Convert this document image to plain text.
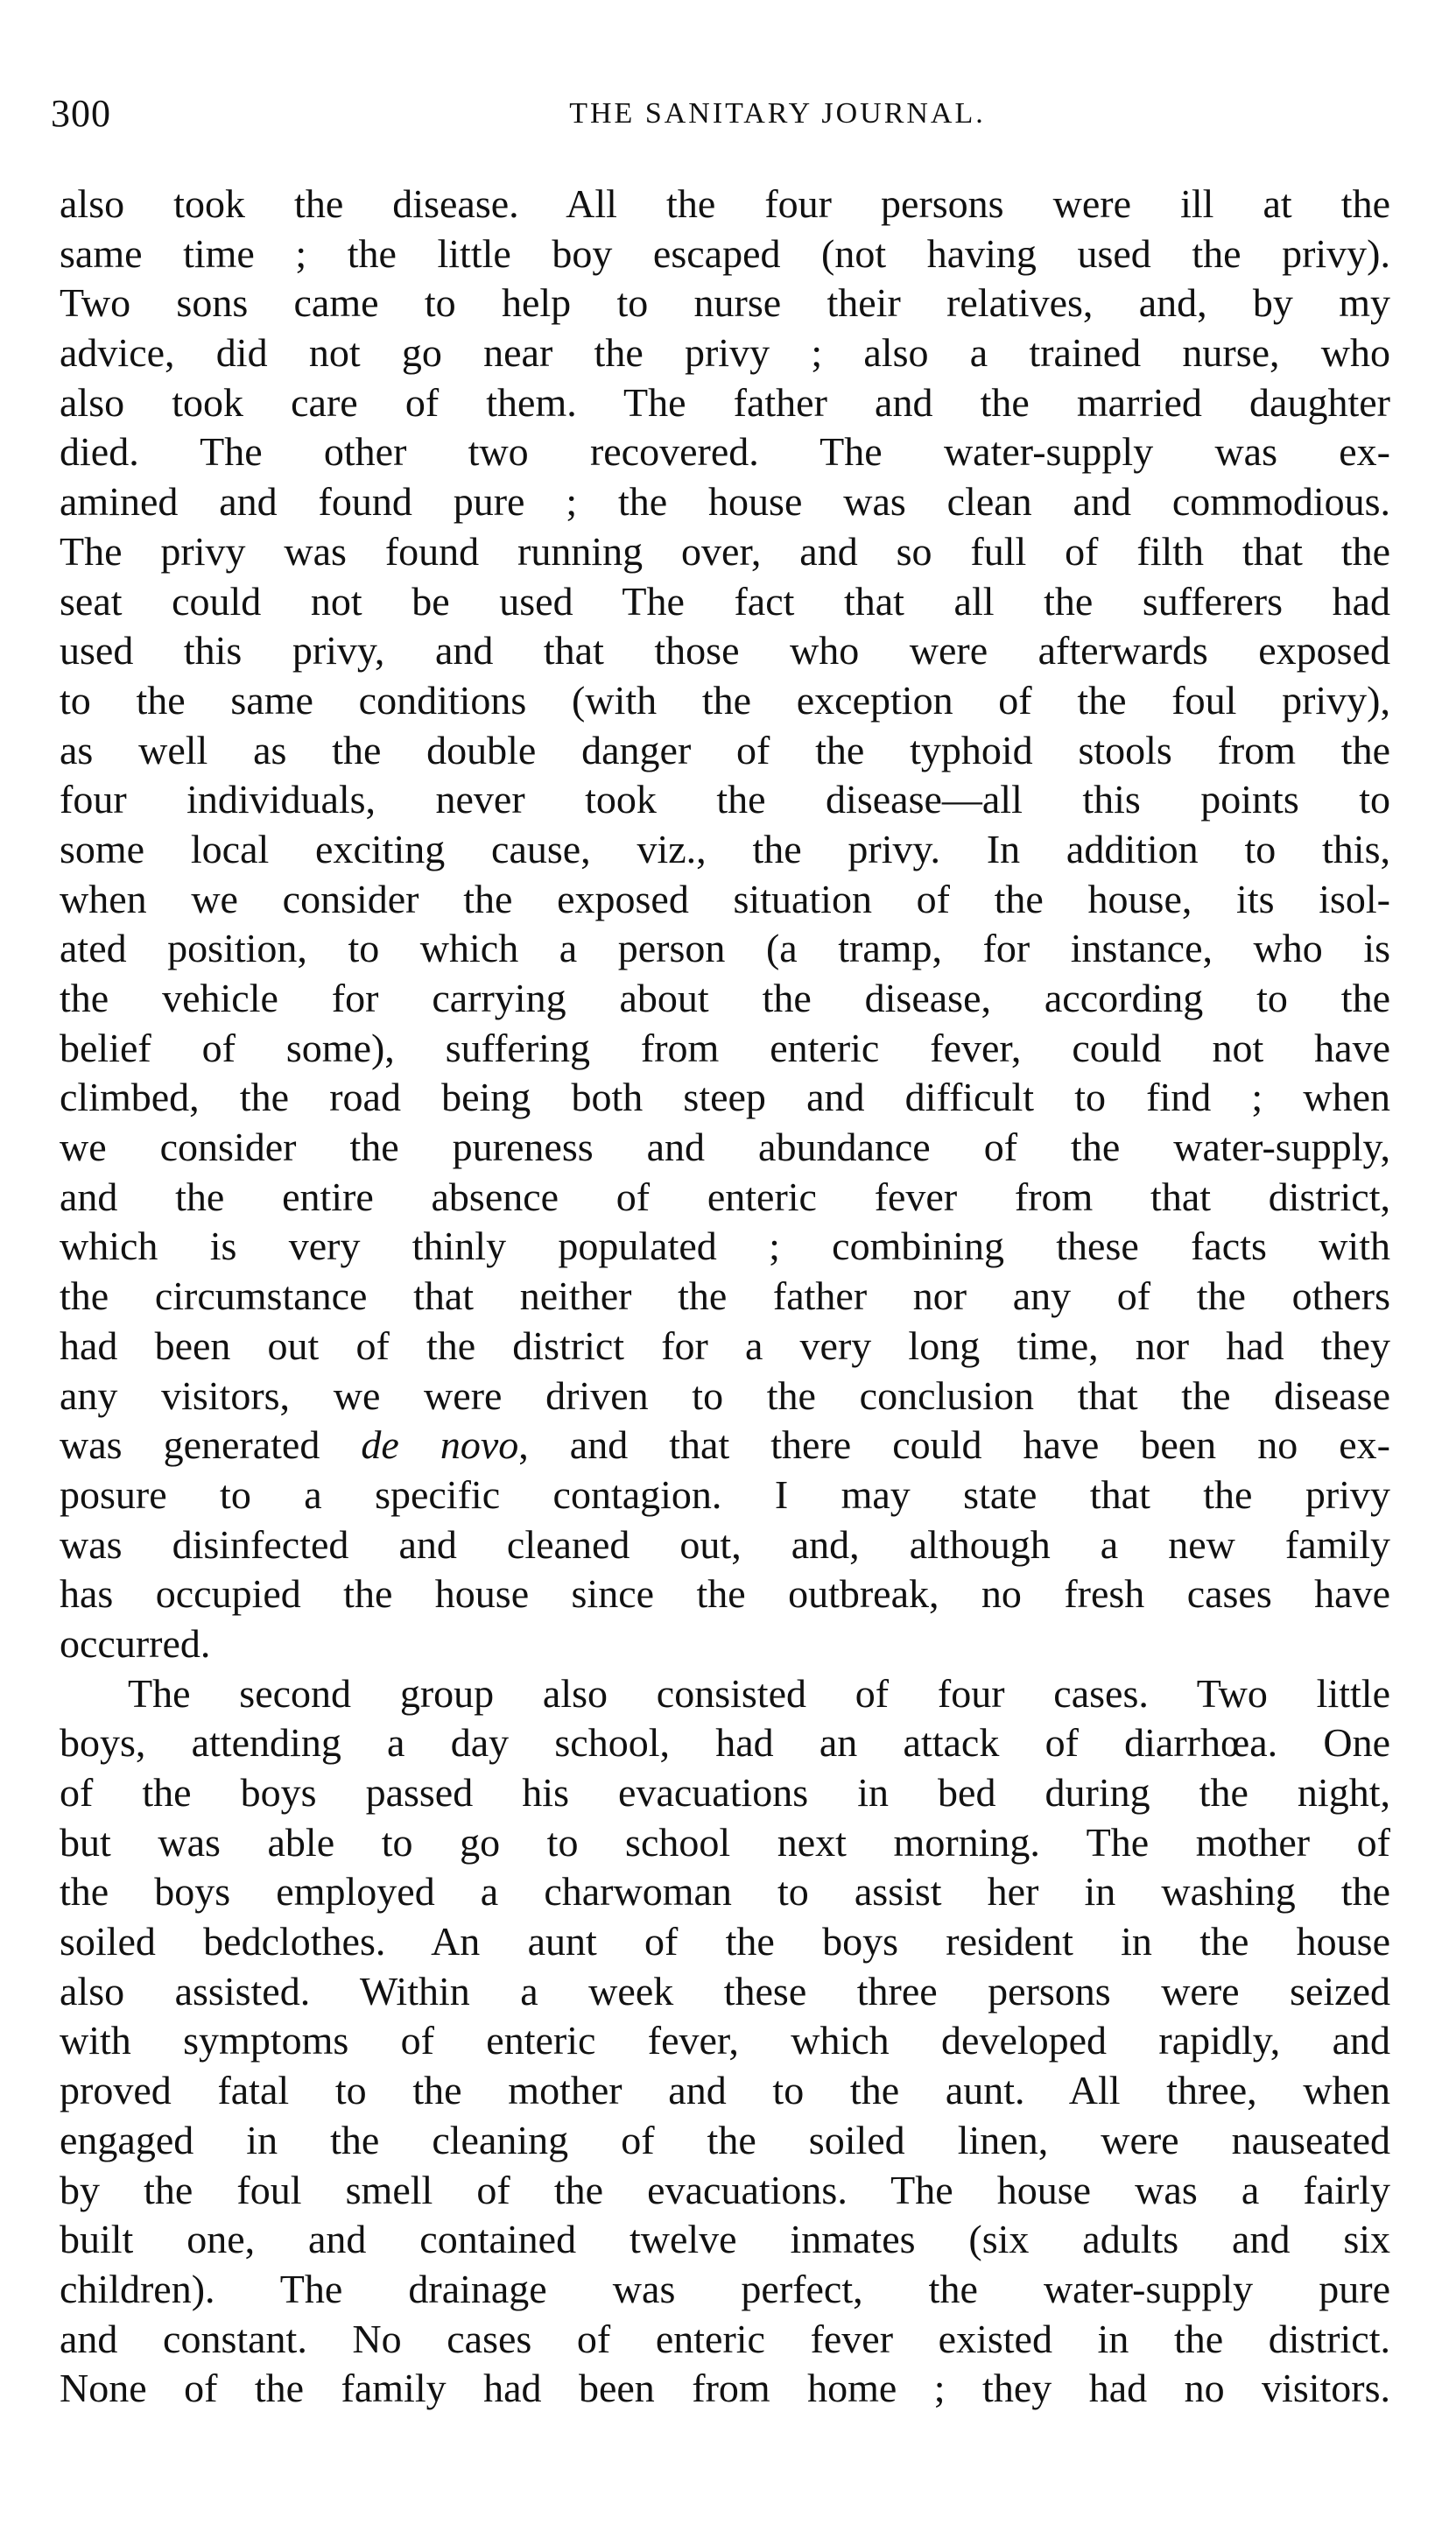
300	THE SANITARY JOURNAL.
also took the disease. All the four persons were ill at the
same time ; the little boy escaped (not having used the privy).
Two sons came to help to nurse their relatives, and, by my
advice, did not go near the privy ; also a trained nurse, who
also took care of them. The father and the married daughter
died. The other two recovered. The water-supply was ex-
amined and found pure ; the house was clean and commodious.
The privy was found running over, and so full of filth that the
seat could not be used The fact that all the sufferers had
used this privy, and that those who were afterwards exposed
to the same conditions (with the exception of the foul privy),
as well as the double danger of the typhoid stools from the
four individuals, never took the disease—all this points to
some local exciting cause, viz., the privy. In addition to this,
when we consider the exposed situation of the house, its isol-
ated position, to which a person (a tramp, for instance, who is
the vehicle for carrying about the disease, according to the
belief of some), suffering from enteric fever, could not have
climbed, the road being both steep and difficult to find ; when
we consider the pureness and abundance of the water-supply,
and the entire absence of enteric fever from that district,
which is very thinly populated ; combining these facts with
the circumstance that neither the father nor any of the others
had been out of the district for a very long time, nor had they
any visitors, we were driven to the conclusion that the disease
was generated de novo, and that there could have been no ex-
posure to a specific contagion. I may state that the privy
was disinfected and cleaned out, and, although a new family
has occupied the house since the outbreak, no fresh cases have
occurred.
The second group also consisted of four cases. Two little
boys, attending a day school, had an attack of diarrhœa. One
of the boys passed his evacuations in bed during the night,
but was able to go to school next morning. The mother of
the boys employed a charwoman to assist her in washing the
soiled bedclothes. An aunt of the boys resident in the house
also assisted. Within a week these three persons were seized
with symptoms of enteric fever, which developed rapidly, and
proved fatal to the mother and to the aunt. All three, when
engaged in the cleaning of the soiled linen, were nauseated
by the foul smell of the evacuations. The house was a fairly
built one, and contained twelve inmates (six adults and six
children). The drainage was perfect, the water-supply pure
and constant. No cases of enteric fever existed in the district.
None of the family had been from home ; they had no visitors.
